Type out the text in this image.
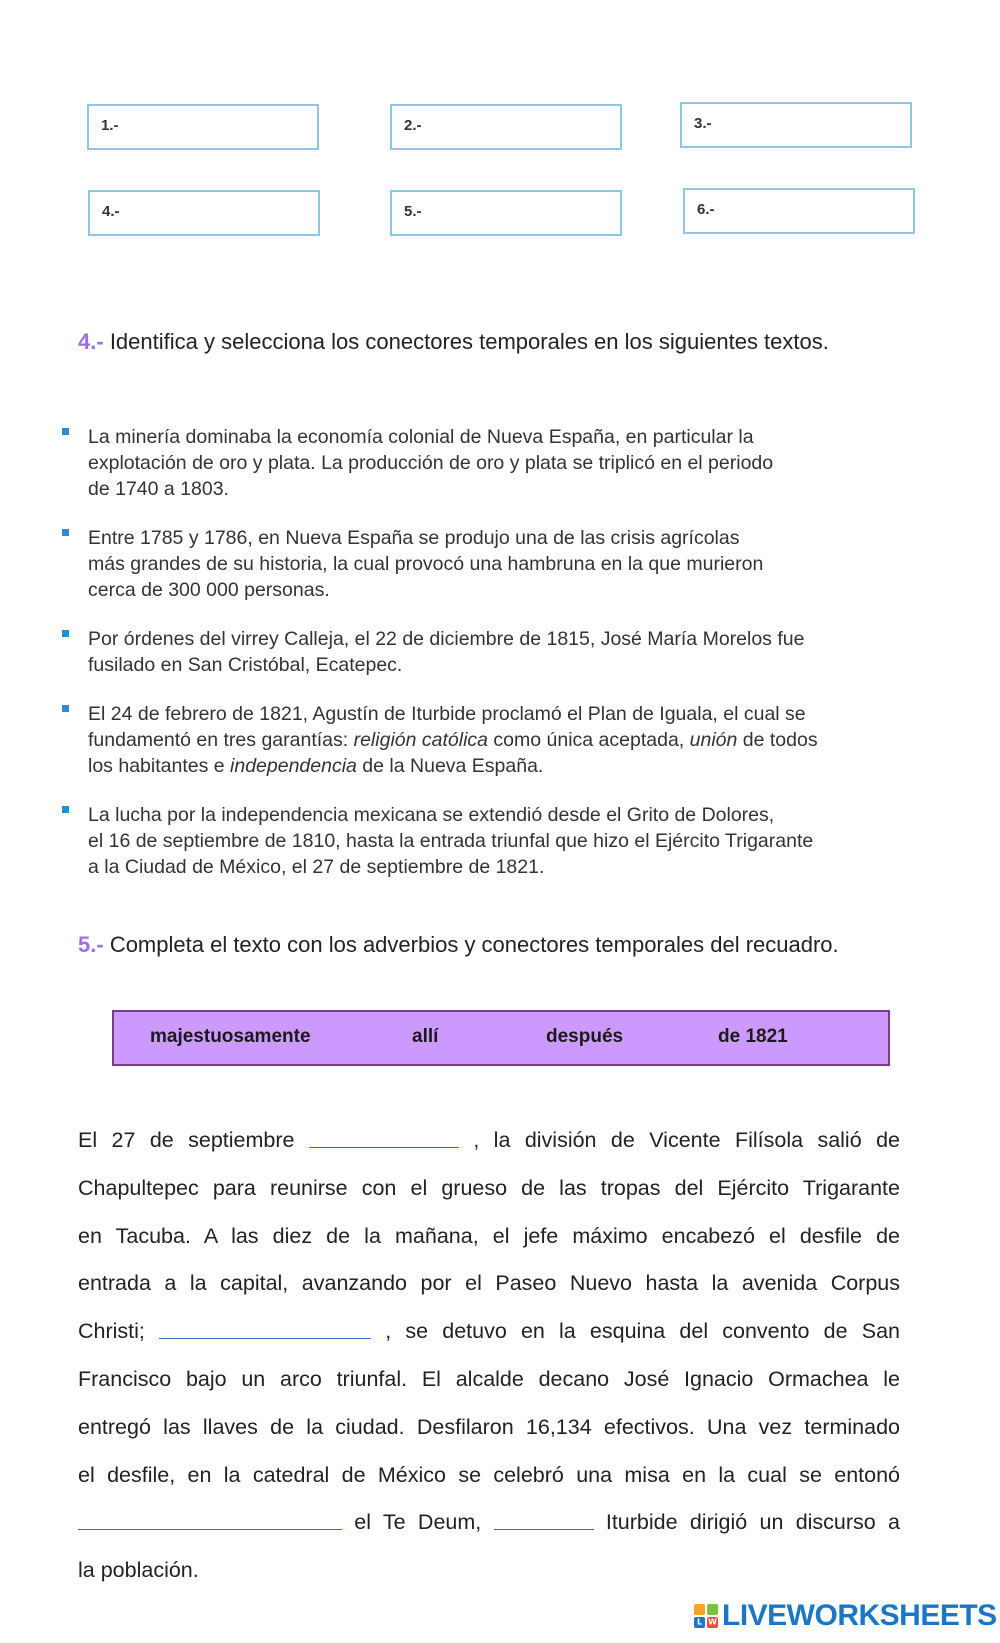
1.-	2.-	3.-
4.-	5.-	6.-
4.- Identifica y selecciona los conectores temporales en los siguientes textos.
La minería dominaba la economía colonial de Nueva España, en particular la
explotación de oro y plata. La producción de oro y plata se triplicó en el periodo
de 1740 a 1803.
Entre 1785 y 1786, en Nueva España se produjo una de las crisis agrícolas
más grandes de su historia, la cual provocó una hambruna en la que murieron
cerca de 300 000 personas.
Por órdenes del virrey Calleja, el 22 de diciembre de 1815, José María Morelos fue
fusilado en San Cristóbal, Ecatepec.
El 24 de febrero de 1821, Agustín de Iturbide proclamó el Plan de Iguala, el cual se
fundamentó en tres garantías: religión católica como única aceptada, unión de todos
los habitantes e independencia de la Nueva España.
La lucha por la independencia mexicana se extendió desde el Grito de Dolores,
el 16 de septiembre de 1810, hasta la entrada triunfal que hizo el Ejército Trigarante
a la Ciudad de México, el 27 de septiembre de 1821.
5.- Completa el texto con los adverbios y conectores temporales del recuadro.
majestuosamente	allí	después	de 1821
El 27 de septiembre	, la división de Vicente Filísola salió de
Chapultepec para reunirse con el grueso de las tropas del Ejército Trigarante
en Tacuba. A las diez de la mañana, el jefe máximo encabezó el desfile de
entrada a la capital, avanzando por el Paseo Nuevo hasta la avenida Corpus
Christi;	, se detuvo en la esquina del convento de San
Francisco bajo un arco triunfal. El alcalde decano José Ignacio Ormachea le
entregó las llaves de la ciudad. Desfilaron 16,134 efectivos. Una vez terminado
el desfile, en la catedral de México se celebró una misa en la cual se entonó
el Te Deum,	Iturbide dirigió un discurso a
la población.
L W LIVEWORKSHEETS
